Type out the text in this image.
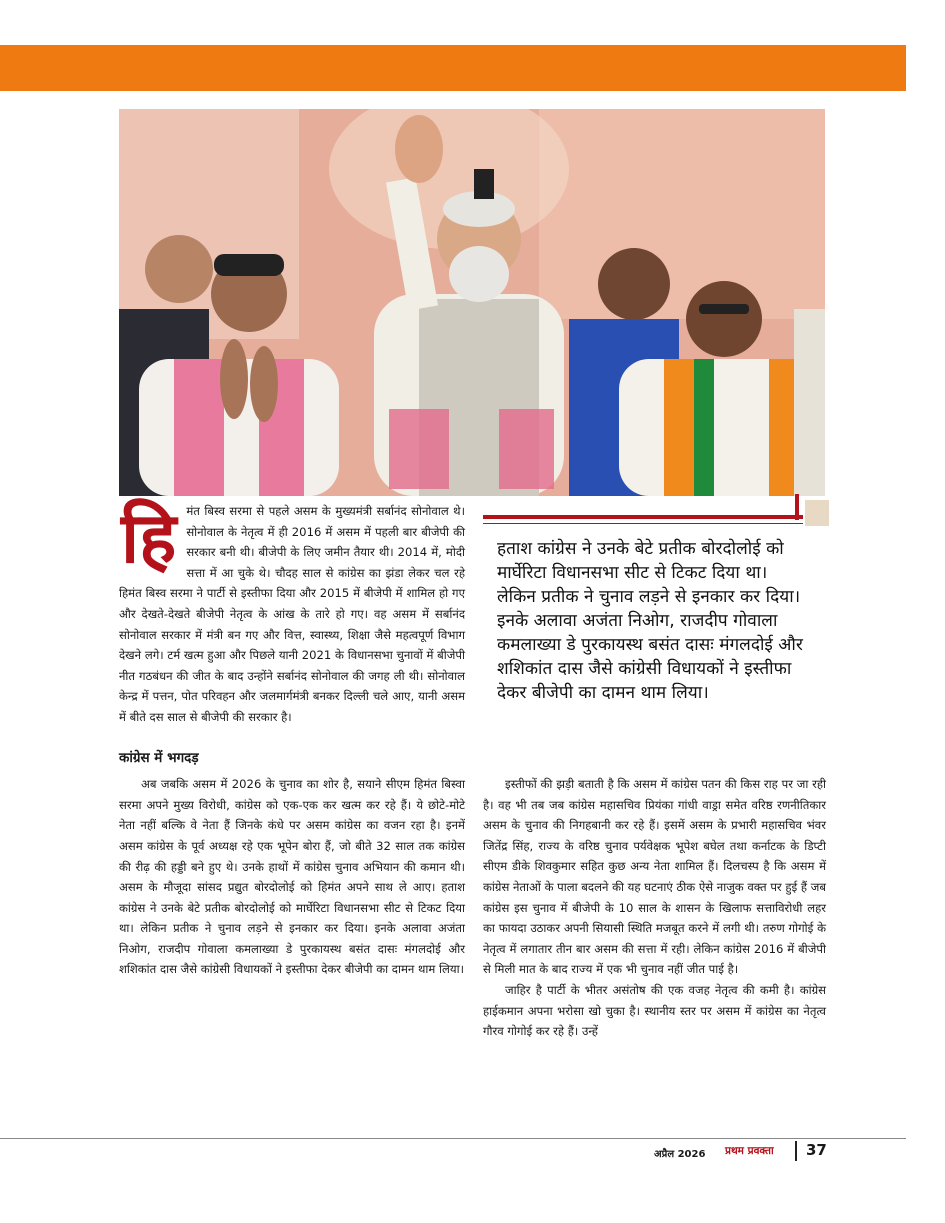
हि मंत बिस्व सरमा से पहले असम के मुख्यमंत्री सर्बानंद सोनोवाल थे। सोनोवाल के नेतृत्व में ही 2016 में असम में पहली बार बीजेपी की सरकार बनी थी। बीजेपी के लिए जमीन तैयार थी। 2014 में, मोदी सत्ता में आ चुके थे। चौदह साल से कांग्रेस का झंडा लेकर चल रहे हिमंत बिस्व सरमा ने पार्टी से इस्तीफा दिया और 2015 में बीजेपी में शामिल हो गए और देखते-देखते बीजेपी नेतृत्व के आंख के तारे हो गए। वह असम में सर्बानंद सोनोवाल सरकार में मंत्री बन गए और वित्त, स्वास्थ्य, शिक्षा जैसे महत्वपूर्ण विभाग देखने लगे। टर्म खत्म हुआ और पिछले यानी 2021 के विधानसभा चुनावों में बीजेपी नीत गठबंधन की जीत के बाद उन्होंने सर्बानंद सोनोवाल की जगह ली थी। सोनोवाल केन्द्र में पत्तन, पोत परिवहन और जलमार्गमंत्री बनकर दिल्ली चले आए, यानी असम में बीते दस साल से बीजेपी की सरकार है।

कांग्रेस में भगदड़

अब जबकि असम में 2026 के चुनाव का शोर है, सयाने सीएम हिमंत बिस्वा सरमा अपने मुख्य विरोधी, कांग्रेस को एक-एक कर खत्म कर रहे हैं। ये छोटे-मोटे नेता नहीं बल्कि वे नेता हैं जिनके कंधे पर असम कांग्रेस का वजन रहा है। इनमें असम कांग्रेस के पूर्व अध्यक्ष रहे एक भूपेन बोरा हैं, जो बीते 32 साल तक कांग्रेस की रीढ़ की हड्डी बने हुए थे। उनके हाथों में कांग्रेस चुनाव अभियान की कमान थी। असम के मौजूदा सांसद प्रद्युत बोरदोलोई को हिमंत अपने साथ ले आए। हताश कांग्रेस ने उनके बेटे प्रतीक बोरदोलोई को मार्घेरिटा विधानसभा सीट से टिकट दिया था। लेकिन प्रतीक ने चुनाव लड़ने से इनकार कर दिया। इनके अलावा अजंता निओग, राजदीप गोवाला कमलाख्या डे पुरकायस्थ बसंत दासः मंगलदोई और शशिकांत दास जैसे कांग्रेसी विधायकों ने इस्तीफा देकर बीजेपी का दामन थाम लिया।

हताश कांग्रेस ने उनके बेटे प्रतीक बोरदोलोई को मार्घेरिटा विधानसभा सीट से टिकट दिया था। लेकिन प्रतीक ने चुनाव लड़ने से इनकार कर दिया। इनके अलावा अजंता निओग, राजदीप गोवाला कमलाख्या डे पुरकायस्थ बसंत दासः मंगलदोई और शशिकांत दास जैसे कांग्रेसी विधायकों ने इस्तीफा देकर बीजेपी का दामन थाम लिया।

इस्तीफों की झड़ी बताती है कि असम में कांग्रेस पतन की किस राह पर जा रही है। वह भी तब जब कांग्रेस महासचिव प्रियंका गांधी वाड्रा समेत वरिष्ठ रणनीतिकार असम के चुनाव की निगहबानी कर रहे हैं। इसमें असम के प्रभारी महासचिव भंवर जितेंद्र सिंह, राज्य के वरिष्ठ चुनाव पर्यवेक्षक भूपेश बघेल तथा कर्नाटक के डिप्टी सीएम डीके शिवकुमार सहित कुछ अन्य नेता शामिल हैं। दिलचस्प है कि असम में कांग्रेस नेताओं के पाला बदलने की यह घटनाएं ठीक ऐसे नाजुक वक्त पर हुई हैं जब कांग्रेस इस चुनाव में बीजेपी के 10 साल के शासन के खिलाफ सत्ताविरोधी लहर का फायदा उठाकर अपनी सियासी स्थिति मजबूत करने में लगी थी। तरुण गोगोई के नेतृत्व में लगातार तीन बार असम की सत्ता में रही। लेकिन कांग्रेस 2016 में बीजेपी से मिली मात के बाद राज्य में एक भी चुनाव नहीं जीत पाई है।

जाहिर है पार्टी के भीतर असंतोष की एक वजह नेतृत्व की कमी है। कांग्रेस हाईकमान अपना भरोसा खो चुका है। स्थानीय स्तर पर असम में कांग्रेस का नेतृत्व गौरव गोगोई कर रहे हैं। उन्हें

अप्रैल 2026 प्रथम प्रवक्ता 37
